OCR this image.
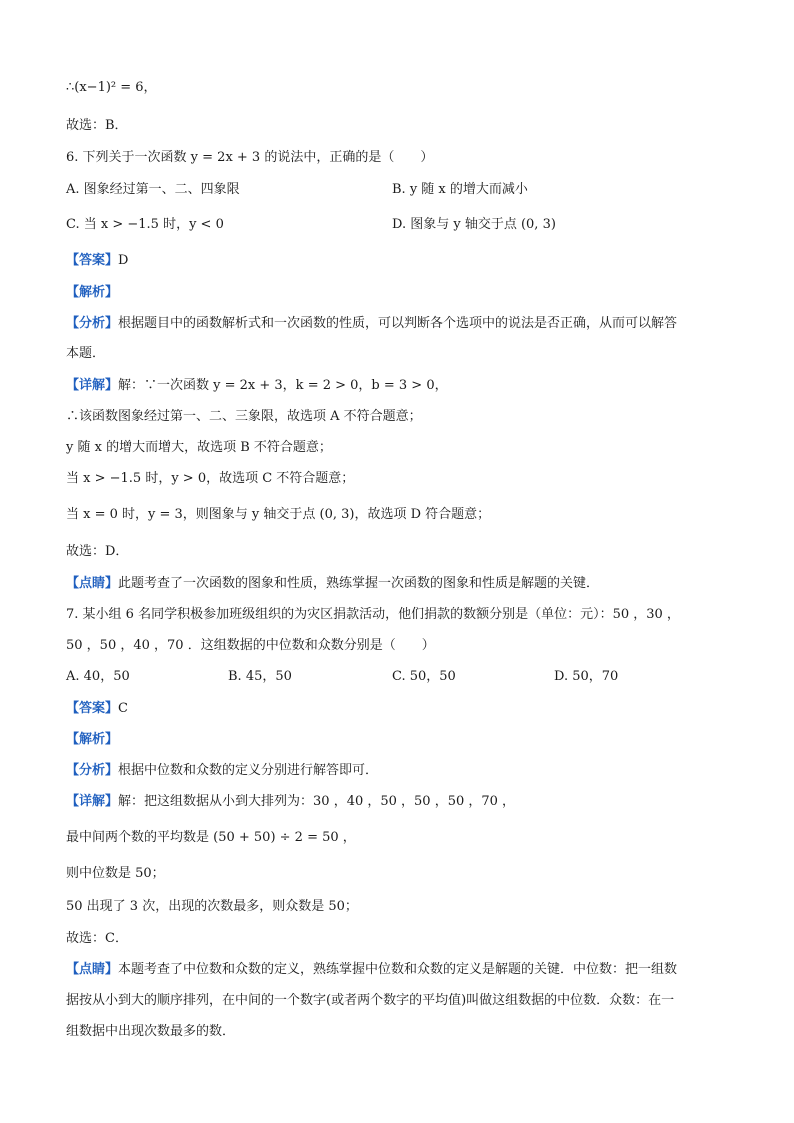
∴(x−1)² = 6，
故选：B．
6. 下列关于一次函数 y = 2x + 3 的说法中，正确的是（　　）
A. 图象经过第一、二、四象限	B. y 随 x 的增大而减小
C. 当 x > −1.5 时，y < 0	D. 图象与 y 轴交于点 (0, 3)
【答案】D
【解析】
【分析】根据题目中的函数解析式和一次函数的性质，可以判断各个选项中的说法是否正确，从而可以解答
本题．
【详解】解：∵一次函数 y = 2x + 3，k = 2 > 0，b = 3 > 0，
∴该函数图象经过第一、二、三象限，故选项 A 不符合题意；
y 随 x 的增大而增大，故选项 B 不符合题意；
当 x > −1.5 时，y > 0，故选项 C 不符合题意；
当 x = 0 时，y = 3，则图象与 y 轴交于点 (0, 3)，故选项 D 符合题意；
故选：D．
【点睛】此题考查了一次函数的图象和性质，熟练掌握一次函数的图象和性质是解题的关键．
7. 某小组 6 名同学积极参加班级组织的为灾区捐款活动，他们捐款的数额分别是（单位：元）：50 ，30 ，
50 ，50 ，40 ，70 ．这组数据的中位数和众数分别是（　　）
A. 40，50	B. 45，50	C. 50，50	D. 50，70
【答案】C
【解析】
【分析】根据中位数和众数的定义分别进行解答即可．
【详解】解：把这组数据从小到大排列为：30 ，40 ，50 ，50 ，50 ，70 ，
最中间两个数的平均数是 (50 + 50) ÷ 2 = 50 ，
则中位数是 50；
50 出现了 3 次，出现的次数最多，则众数是 50；
故选：C．
【点睛】本题考查了中位数和众数的定义，熟练掌握中位数和众数的定义是解题的关键．中位数：把一组数
据按从小到大的顺序排列，在中间的一个数字(或者两个数字的平均值)叫做这组数据的中位数．众数：在一
组数据中出现次数最多的数．
